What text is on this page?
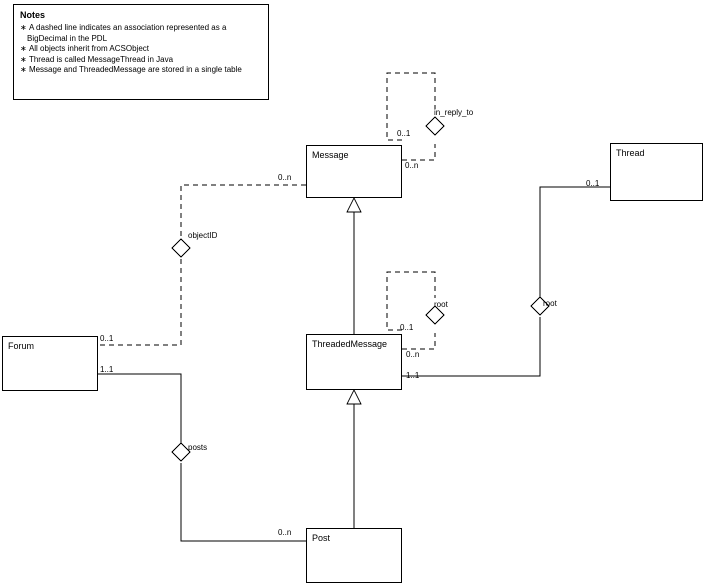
Notes
∗ A dashed line indicates an association represented as a BigDecimal in the PDL
∗ All objects inherit from ACSObject
∗ Thread is called MessageThread in Java
∗ Message and ThreadedMessage are stored in a single table
Message	Thread
Forum	ThreadedMessage
Post
in_reply_to
objectID
root	root
posts
0..1
0..n
0..n
0..1
0..1
0..n
0..1
1..1
1..1
0..n
